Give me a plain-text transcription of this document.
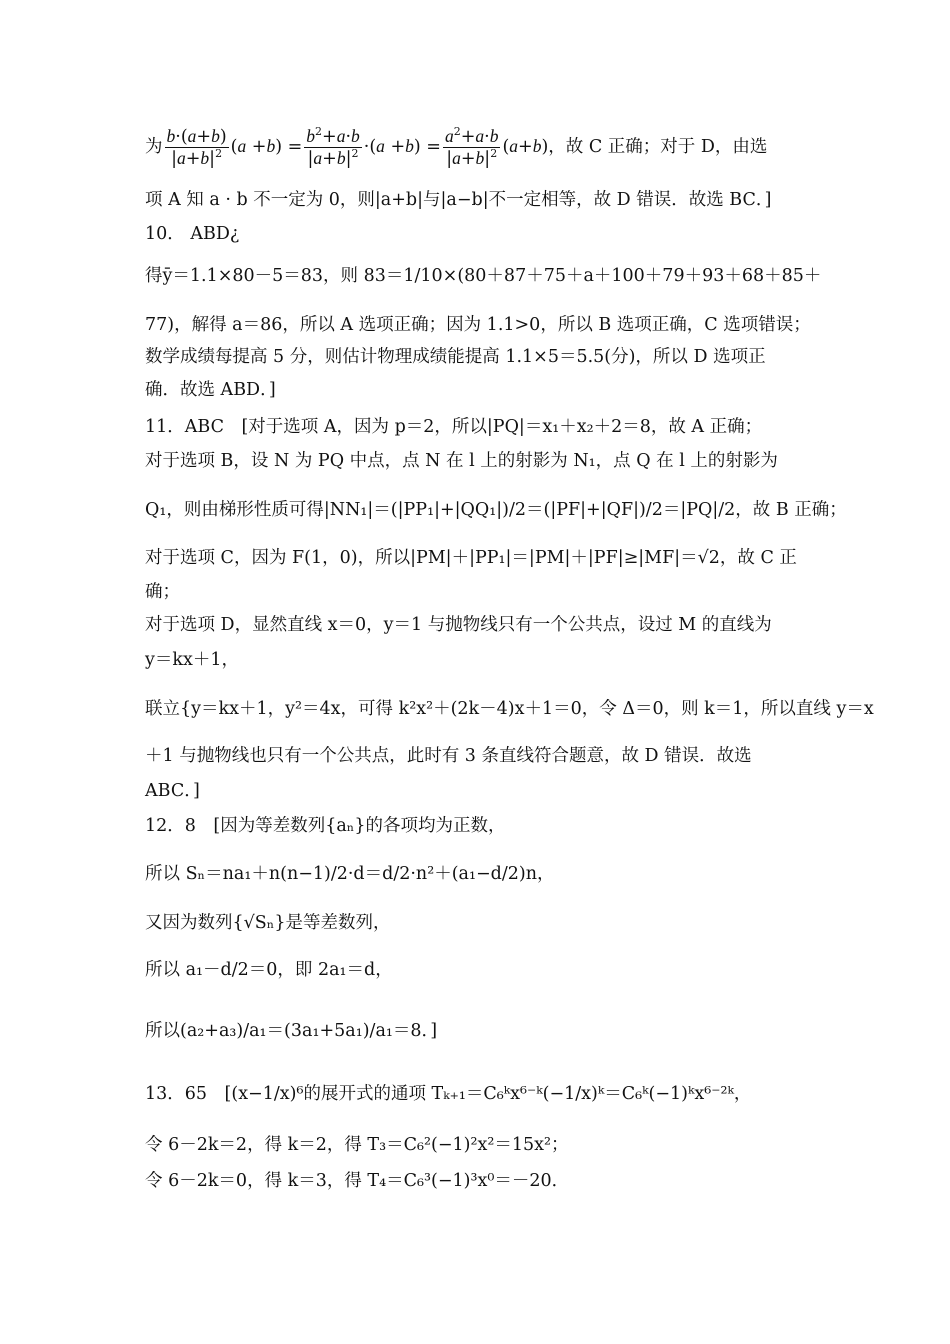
为 $\frac{b\cdot(a+b)}{|a+b|^2} (a +b) = \frac{b^2+a\cdot b}{|a+b|^2} \cdot(a +b) = \frac{a^2+a\cdot b}{|a+b|^2} (a+b)$，故 C 正确；对于 D，由选
项 A 知 a · b 不一定为 0，则|a+b|与|a−b|不一定相等，故 D 错误．故选 BC．]
10． ABD¿
得ȳ＝1.1×80－5＝83，则 83＝1/10×(80＋87＋75＋a＋100＋79＋93＋68＋85＋
77)，解得 a＝86，所以 A 选项正确；因为 1.1>0，所以 B 选项正确，C 选项错误；
数学成绩每提高 5 分，则估计物理成绩能提高 1.1×5＝5.5(分)，所以 D 选项正
确．故选 ABD．]
11．ABC　[对于选项 A，因为 p＝2，所以|PQ|＝x₁＋x₂＋2＝8，故 A 正确；
对于选项 B，设 N 为 PQ 中点，点 N 在 l 上的射影为 N₁，点 Q 在 l 上的射影为
Q₁，则由梯形性质可得|NN₁|＝(|PP₁|+|QQ₁|)/2＝(|PF|+|QF|)/2＝|PQ|/2，故 B 正确；
对于选项 C，因为 F(1，0)，所以|PM|＋|PP₁|＝|PM|＋|PF|≥|MF|＝√2，故 C 正
确；
对于选项 D，显然直线 x＝0，y＝1 与抛物线只有一个公共点，设过 M 的直线为
y＝kx＋1，
联立{y＝kx＋1，y²＝4x，可得 k²x²＋(2k－4)x＋1＝0，令 Δ＝0，则 k＝1，所以直线 y＝x
＋1 与抛物线也只有一个公共点，此时有 3 条直线符合题意，故 D 错误．故选
ABC．]
12．8　[因为等差数列{aₙ}的各项均为正数，
所以 Sₙ＝na₁＋n(n−1)/2·d＝d/2·n²＋(a₁−d/2)n，
又因为数列{√Sₙ}是等差数列，
所以 a₁－d/2＝0，即 2a₁＝d，
所以(a₂+a₃)/a₁＝(3a₁+5a₁)/a₁＝8．]
13．65　[(x−1/x)⁶的展开式的通项 Tₖ₊₁＝C₆ᵏx⁶⁻ᵏ(−1/x)ᵏ＝C₆ᵏ(−1)ᵏx⁶⁻²ᵏ，
令 6－2k＝2，得 k＝2，得 T₃＝C₆²(−1)²x²＝15x²；
令 6－2k＝0，得 k＝3，得 T₄＝C₆³(−1)³x⁰＝－20．
